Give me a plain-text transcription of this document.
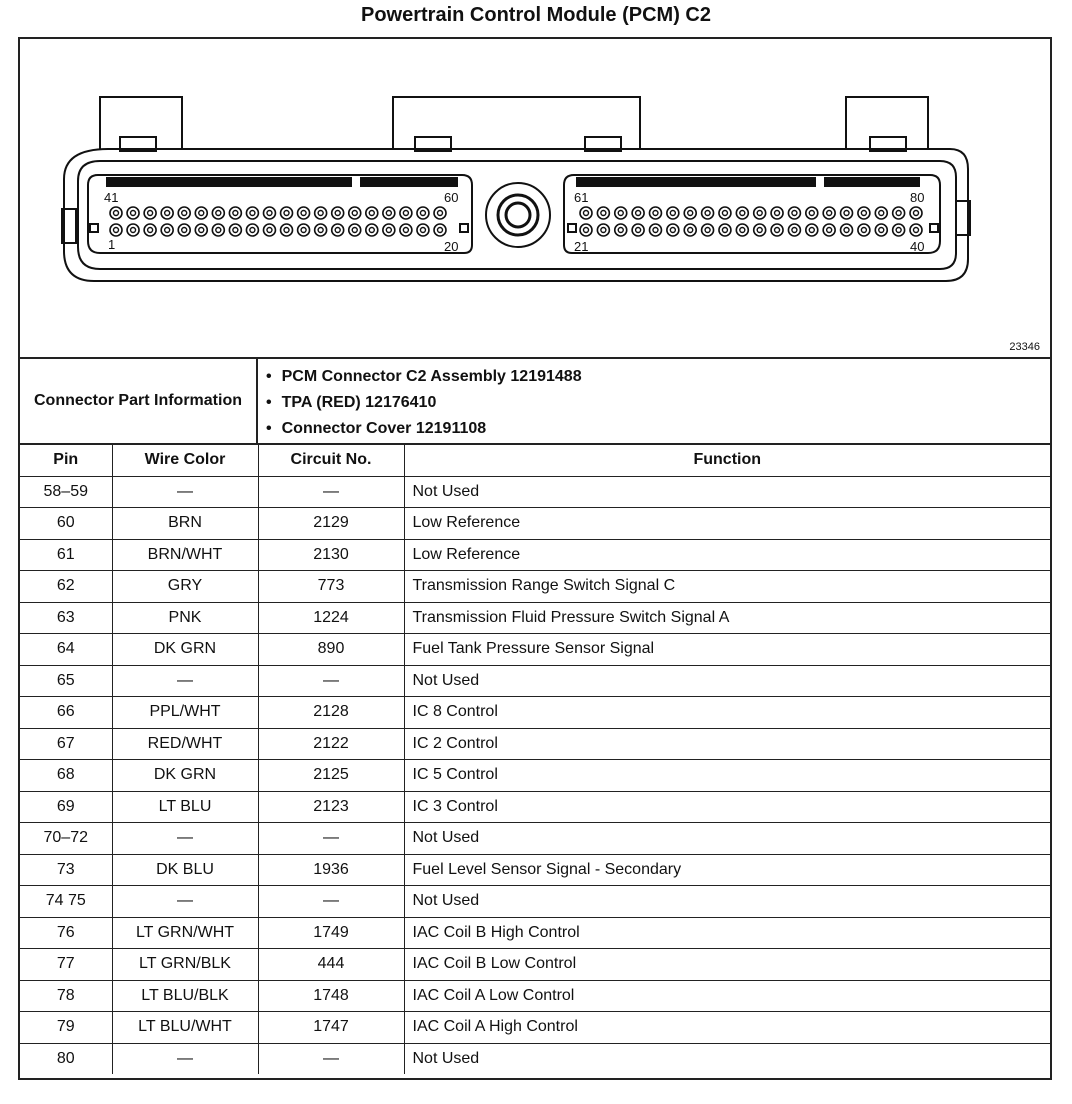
Powertrain Control Module (PCM) C2
41	60
1	20
61	80
21	40
23346
Connector Part Information
• PCM Connector C2 Assembly 12191488
• TPA (RED) 12176410
• Connector Cover 12191108
Pin	Wire Color	Circuit No.	Function
58–59	—	—	Not Used
60	BRN	2129	Low Reference
61	BRN/WHT	2130	Low Reference
62	GRY	773	Transmission Range Switch Signal C
63	PNK	1224	Transmission Fluid Pressure Switch Signal A
64	DK GRN	890	Fuel Tank Pressure Sensor Signal
65	—	—	Not Used
66	PPL/WHT	2128	IC 8 Control
67	RED/WHT	2122	IC 2 Control
68	DK GRN	2125	IC 5 Control
69	LT BLU	2123	IC 3 Control
70–72	—	—	Not Used
73	DK BLU	1936	Fuel Level Sensor Signal - Secondary
74 75	—	—	Not Used
76	LT GRN/WHT	1749	IAC Coil B High Control
77	LT GRN/BLK	444	IAC Coil B Low Control
78	LT BLU/BLK	1748	IAC Coil A Low Control
79	LT BLU/WHT	1747	IAC Coil A High Control
80	—	—	Not Used
